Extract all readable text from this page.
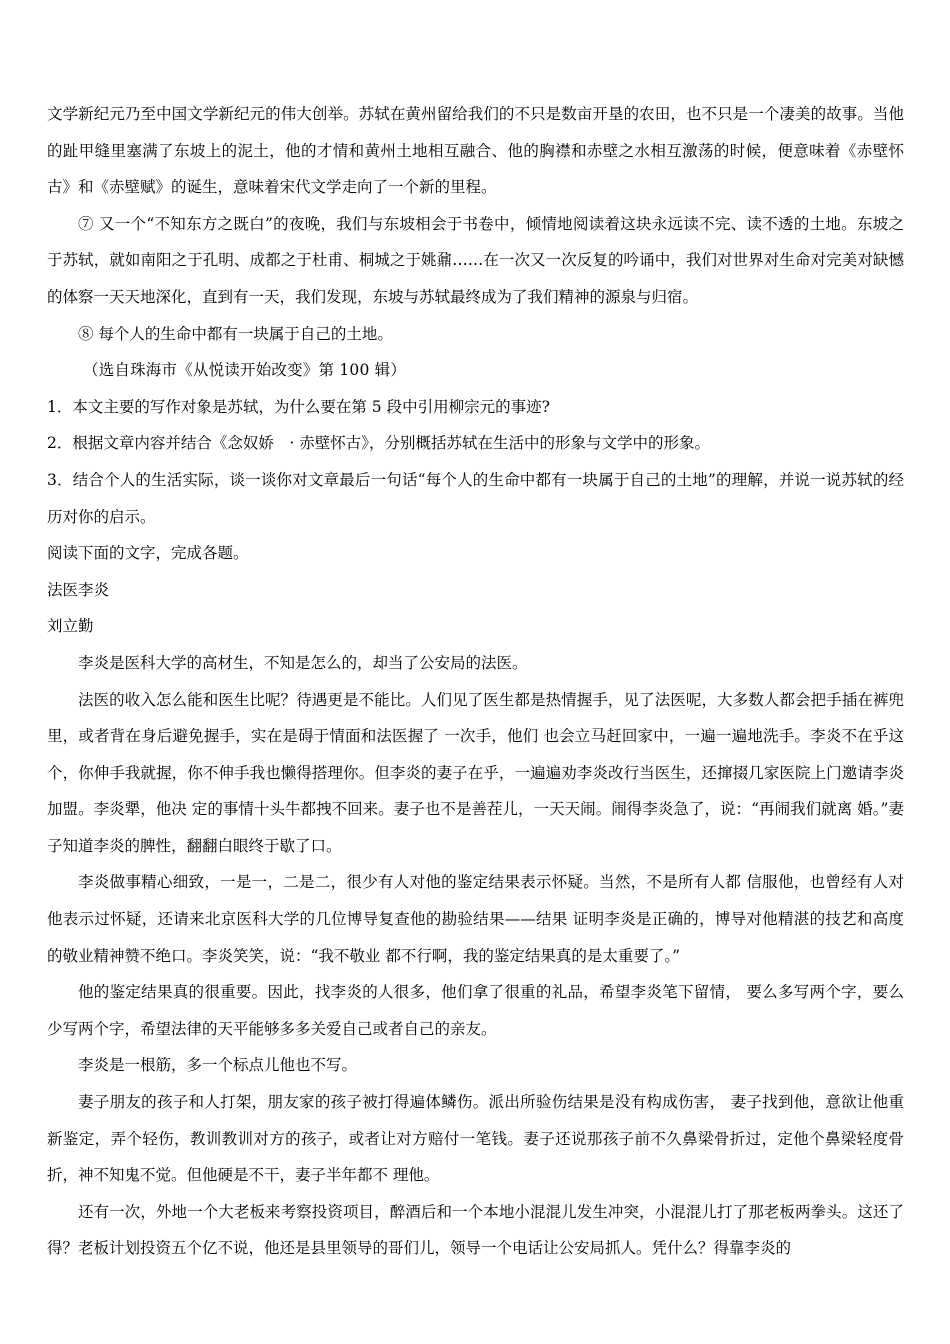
文学新纪元乃至中国文学新纪元的伟大创举。苏轼在黄州留给我们的不只是数亩开垦的农田，也不只是一个凄美的故事。当他的趾甲缝里塞满了东坡上的泥土，他的才情和黄州土地相互融合、他的胸襟和赤壁之水相互激荡的时候，便意味着《赤壁怀古》和《赤壁赋》的诞生，意味着宋代文学走向了一个新的里程。

⑦ 又一个“不知东方之既白”的夜晚，我们与东坡相会于书卷中，倾情地阅读着这块永远读不完、读不透的土地。东坡之于苏轼，就如南阳之于孔明、成都之于杜甫、桐城之于姚鼐……在一次又一次反复的吟诵中，我们对世界对生命对完美对缺憾的体察一天天地深化，直到有一天，我们发现，东坡与苏轼最终成为了我们精神的源泉与归宿。

⑧ 每个人的生命中都有一块属于自己的土地。

（选自珠海市《从悦读开始改变》第 100 辑）

1．本文主要的写作对象是苏轼，为什么要在第 5 段中引用柳宗元的事迹?

2．根据文章内容并结合《念奴娇　· 赤壁怀古》，分别概括苏轼在生活中的形象与文学中的形象。

3．结合个人的生活实际，谈一谈你对文章最后一句话“每个人的生命中都有一块属于自己的土地”的理解，并说一说苏轼的经历对你的启示。

阅读下面的文字，完成各题。

法医李炎

刘立勤

李炎是医科大学的高材生，不知是怎么的，却当了公安局的法医。

法医的收入怎么能和医生比呢？待遇更是不能比。人们见了医生都是热情握手，见了法医呢，大多数人都会把手插在裤兜里，或者背在身后避免握手，实在是碍于情面和法医握了 一次手，他们 也会立马赶回家中，一遍一遍地洗手。李炎不在乎这个，你伸手我就握，你不伸手我也懒得搭理你。但李炎的妻子在乎，一遍遍劝李炎改行当医生，还撺掇几家医院上门邀请李炎加盟。李炎犟，他决 定的事情十头牛都拽不回来。妻子也不是善茬儿，一天天闹。闹得李炎急了，说：“再闹我们就离 婚。”妻子知道李炎的脾性，翻翻白眼终于歇了口。

李炎做事精心细致，一是一，二是二，很少有人对他的鉴定结果表示怀疑。当然，不是所有人都 信服他，也曾经有人对他表示过怀疑，还请来北京医科大学的几位博导复查他的勘验结果——结果 证明李炎是正确的，博导对他精湛的技艺和高度的敬业精神赞不绝口。李炎笑笑，说：“我不敬业 都不行啊，我的鉴定结果真的是太重要了。”

他的鉴定结果真的很重要。因此，找李炎的人很多，他们拿了很重的礼品，希望李炎笔下留情， 要么多写两个字，要么少写两个字，希望法律的天平能够多多关爱自己或者自己的亲友。

李炎是一根筋，多一个标点儿他也不写。

妻子朋友的孩子和人打架，朋友家的孩子被打得遍体鳞伤。派出所验伤结果是没有构成伤害， 妻子找到他，意欲让他重新鉴定，弄个轻伤，教训教训对方的孩子，或者让对方赔付一笔钱。妻子还说那孩子前不久鼻梁骨折过，定他个鼻梁轻度骨折，神不知鬼不觉。但他硬是不干，妻子半年都不 理他。

还有一次，外地一个大老板来考察投资项目，醉酒后和一个本地小混混儿发生冲突，小混混儿打了那老板两拳头。这还了得？老板计划投资五个亿不说，他还是县里领导的哥们儿，领导一个电话让公安局抓人。凭什么？得靠李炎的
